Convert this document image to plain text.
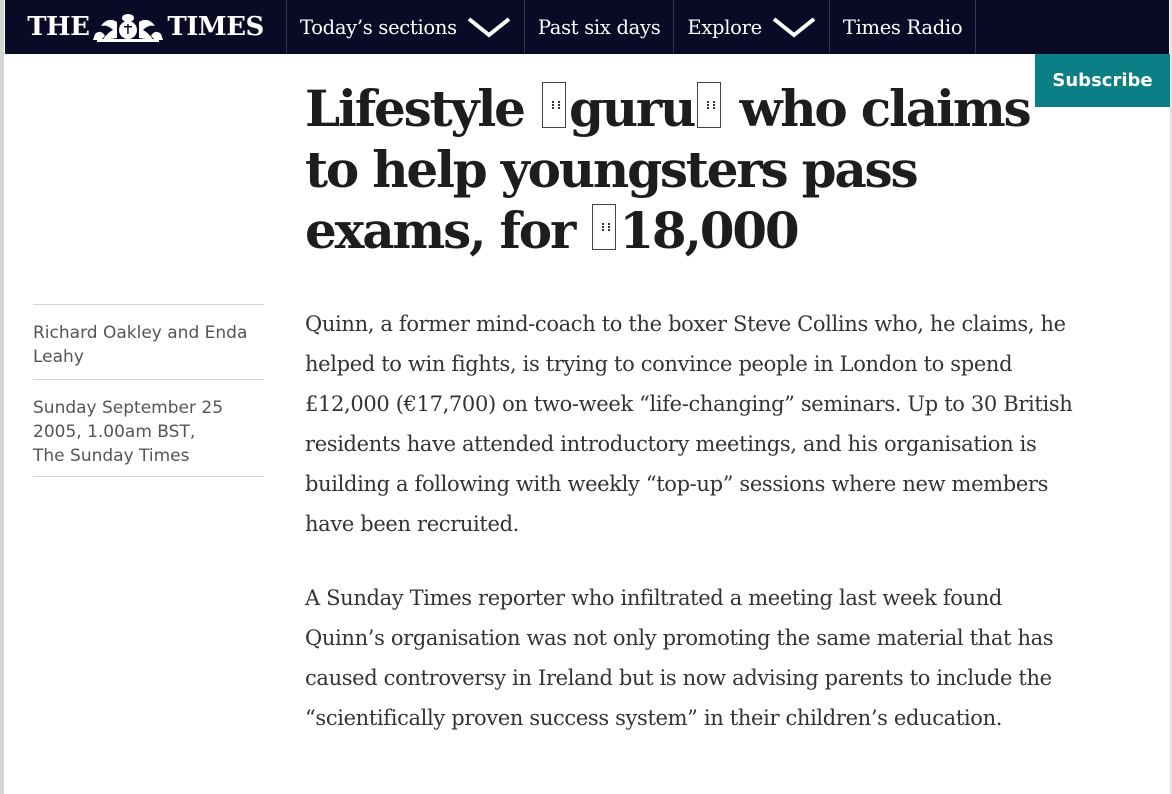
THE	TIMES Today’s sections	Past six days Explore	Times Radio
Subscribe
Lifestyle guru who claims to help youngsters pass exams, for 18,000
Richard Oakley and Enda Leahy
Sunday September 25 2005, 1.00am BST,
The Sunday Times

Quinn, a former mind-coach to the boxer Steve Collins who, he claims, he helped to win fights, is trying to convince people in London to spend £12,000 (€17,700) on two-week “life-changing” seminars. Up to 30 British residents have attended introductory meetings, and his organisation is building a following with weekly “top-up” sessions where new members have been recruited.

A Sunday Times reporter who infiltrated a meeting last week found Quinn’s organisation was not only promoting the same material that has caused controversy in Ireland but is now advising parents to include the “scientifically proven success system” in their children’s education.
